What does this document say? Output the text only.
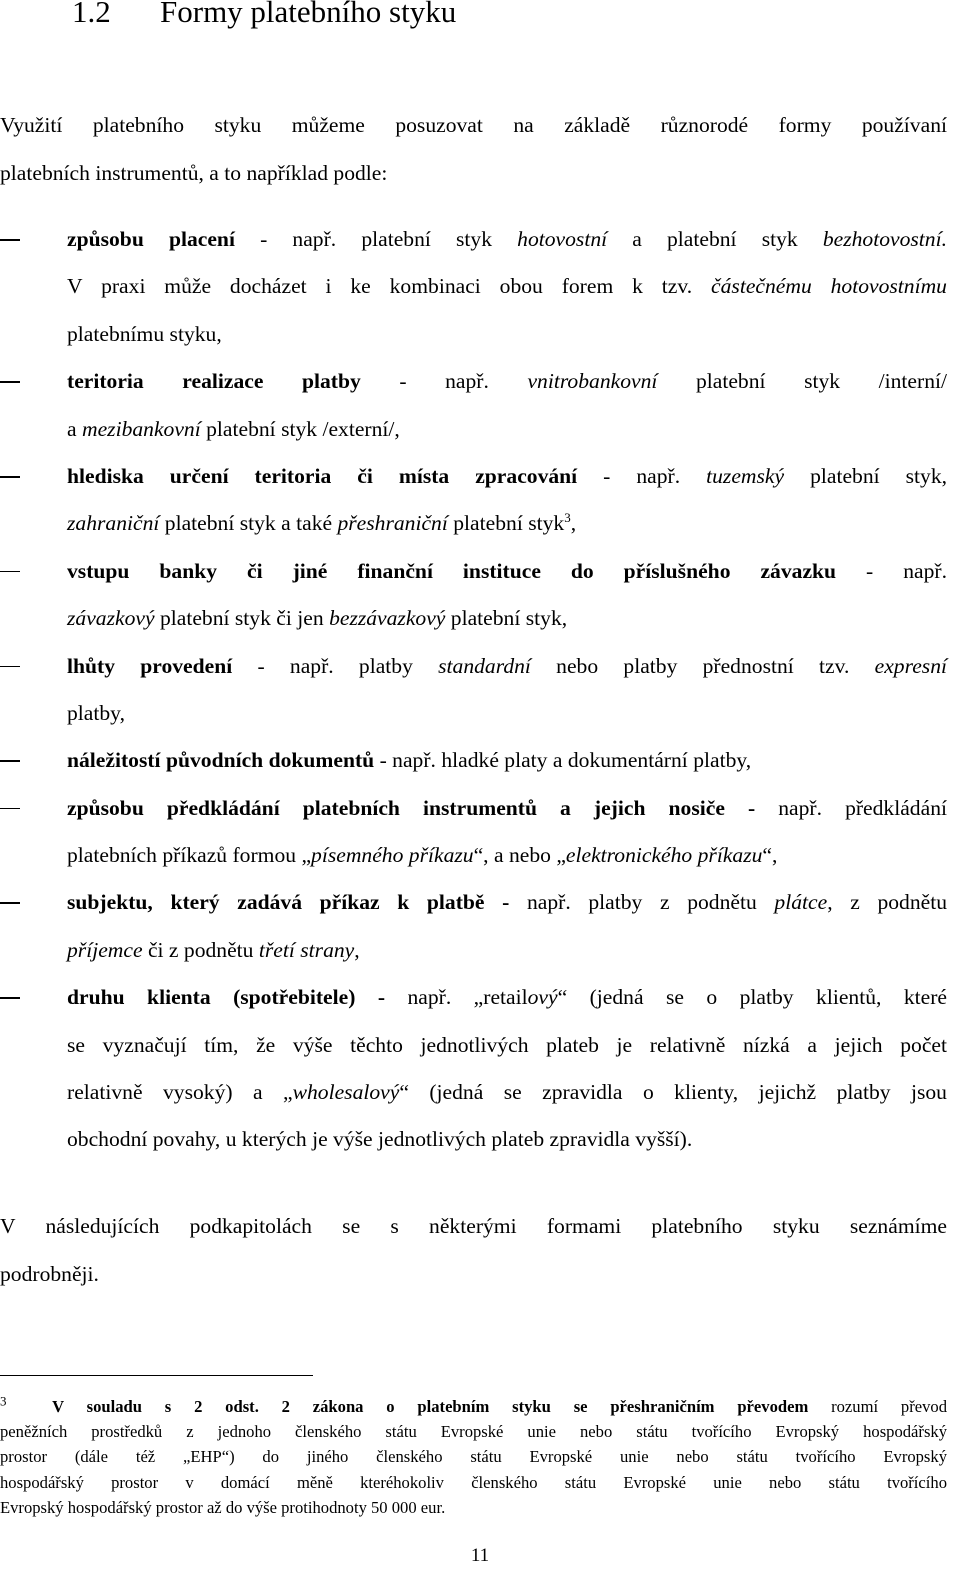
1.2 Formy platebního styku

Využití platebního styku můžeme posuzovat na základě různorodé formy používaní
platebních instrumentů, a to například podle:

způsobu placení - např. platební styk hotovostní a platební styk bezhotovostní.
V praxi může docházet i ke kombinaci obou forem k tzv. částečnému hotovostnímu
platebnímu styku,
teritoria realizace platby - např. vnitrobankovní platební styk /interní/
a mezibankovní platební styk /externí/,
hlediska určení teritoria či místa zpracování - např. tuzemský platební styk,
zahraniční platební styk a také přeshraniční platební styk$^3$,
vstupu banky či jiné finanční instituce do příslušného závazku - např.
závazkový platební styk či jen bezzávazkový platební styk,
lhůty provedení - např. platby standardní nebo platby přednostní tzv. expresní
platby,
náležitostí původních dokumentů - např. hladké platy a dokumentární platby,
způsobu předkládání platebních instrumentů a jejich nosiče - např. předkládání
platebních příkazů formou „písemného příkazu“, a nebo „elektronického příkazu“,
subjektu, který zadává příkaz k platbě - např. platby z podnětu plátce, z podnětu
příjemce či z podnětu třetí strany,
druhu klienta (spotřebitele) - např. „retailový“ (jedná se o platby klientů, které
se vyznačují tím, že výše těchto jednotlivých plateb je relativně nízká a jejich počet
relativně vysoký) a „wholesalový“ (jedná se zpravidla o klienty, jejichž platby jsou
obchodní povahy, u kterých je výše jednotlivých plateb zpravidla vyšší).

V následujících podkapitolách se s některými formami platebního styku seznámíme
podrobněji.

$^3$	V souladu s 2 odst. 2 zákona o platebním styku se přeshraničním převodem rozumí převod
peněžních prostředků z jednoho členského státu Evropské unie nebo státu tvořícího Evropský hospodářský
prostor (dále též „EHP“) do jiného členského státu Evropské unie nebo státu tvořícího Evropský
hospodářský prostor v domácí měně kteréhokoliv členského státu Evropské unie nebo státu tvořícího
Evropský hospodářský prostor až do výše protihodnoty 50 000 eur.
11
